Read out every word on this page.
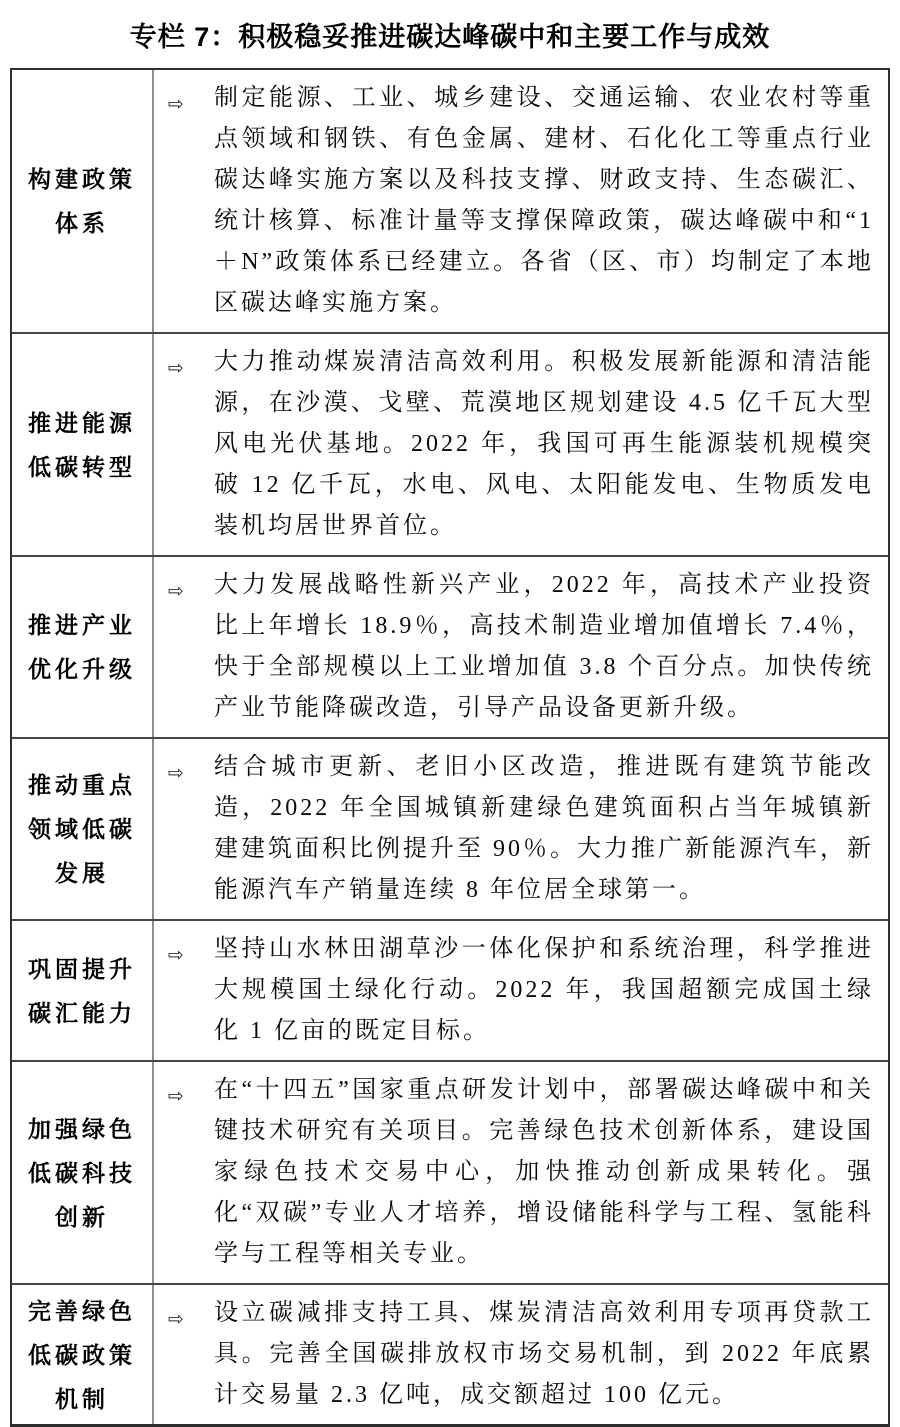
专栏 7：积极稳妥推进碳达峰碳中和主要工作与成效
构建政策体系
⇨	制定能源、工业、城乡建设、交通运输、农业农村等重点领域和钢铁、有色金属、建材、石化化工等重点行业碳达峰实施方案以及科技支撑、财政支持、生态碳汇、统计核算、标准计量等支撑保障政策，碳达峰碳中和“1＋N”政策体系已经建立。各省（区、市）均制定了本地区碳达峰实施方案。

推进能源低碳转型
⇨	大力推动煤炭清洁高效利用。积极发展新能源和清洁能源，在沙漠、戈壁、荒漠地区规划建设 4.5 亿千瓦大型风电光伏基地。2022 年，我国可再生能源装机规模突破 12 亿千瓦，水电、风电、太阳能发电、生物质发电装机均居世界首位。

推进产业优化升级
⇨	大力发展战略性新兴产业，2022 年，高技术产业投资比上年增长 18.9％，高技术制造业增加值增长 7.4％，快于全部规模以上工业增加值 3.8 个百分点。加快传统产业节能降碳改造，引导产品设备更新升级。

推动重点领域低碳发展
⇨	结合城市更新、老旧小区改造，推进既有建筑节能改造，2022 年全国城镇新建绿色建筑面积占当年城镇新建建筑面积比例提升至 90％。大力推广新能源汽车，新能源汽车产销量连续 8 年位居全球第一。

巩固提升碳汇能力
⇨	坚持山水林田湖草沙一体化保护和系统治理，科学推进大规模国土绿化行动。2022 年，我国超额完成国土绿化 1 亿亩的既定目标。

加强绿色低碳科技创新
⇨	在“十四五”国家重点研发计划中，部署碳达峰碳中和关键技术研究有关项目。完善绿色技术创新体系，建设国家绿色技术交易中心，加快推动创新成果转化。强化“双碳”专业人才培养，增设储能科学与工程、氢能科学与工程等相关专业。

完善绿色低碳政策机制
⇨	设立碳减排支持工具、煤炭清洁高效利用专项再贷款工具。完善全国碳排放权市场交易机制，到 2022 年底累计交易量 2.3 亿吨，成交额超过 100 亿元。
